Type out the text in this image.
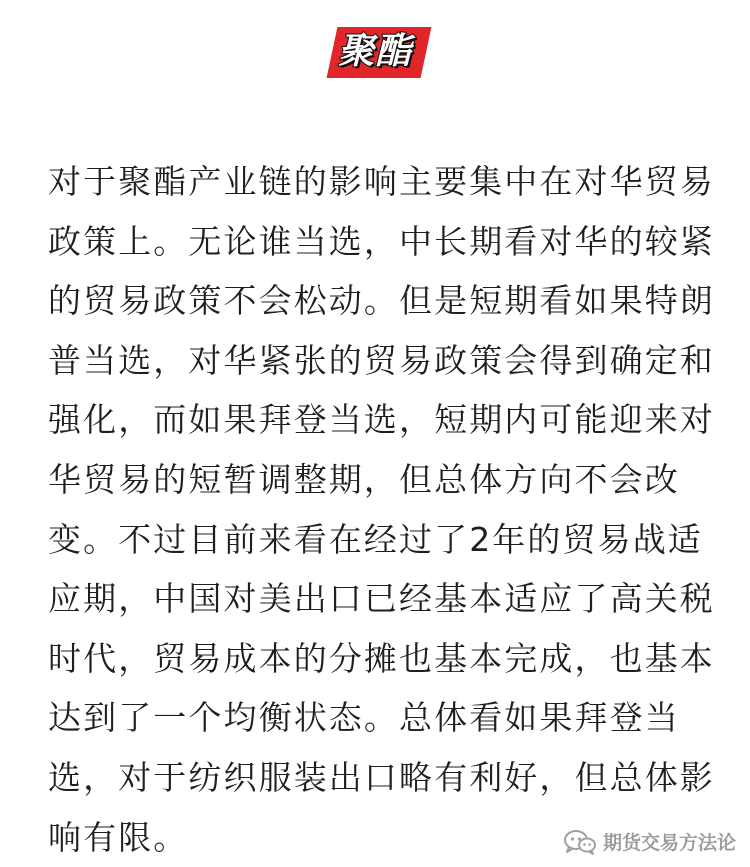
聚酯

对于聚酯产业链的影响主要集中在对华贸易

政策上。无论谁当选，中长期看对华的较紧

的贸易政策不会松动。但是短期看如果特朗

普当选，对华紧张的贸易政策会得到确定和

强化，而如果拜登当选，短期内可能迎来对

华贸易的短暂调整期，但总体方向不会改

变。不过目前来看在经过了2年的贸易战适

应期，中国对美出口已经基本适应了高关税

时代，贸易成本的分摊也基本完成，也基本

达到了一个均衡状态。总体看如果拜登当

选，对于纺织服装出口略有利好，但总体影

响有限。	期货交易方法论
